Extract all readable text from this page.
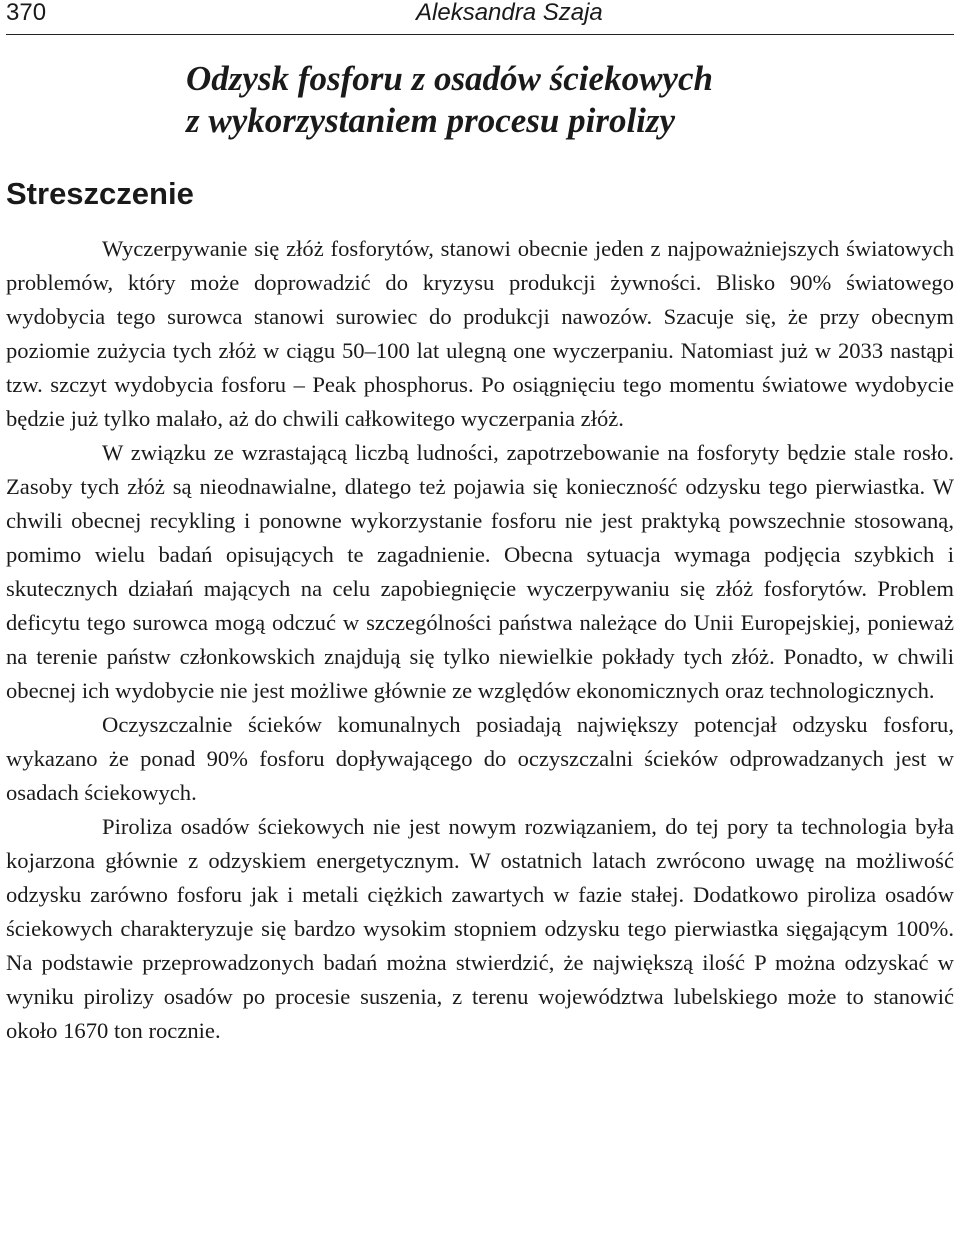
370	Aleksandra Szaja
Odzysk fosforu z osadów ściekowych
z wykorzystaniem procesu pirolizy
Streszczenie

Wyczerpywanie się złóż fosforytów, stanowi obecnie jeden z najpoważniejszych światowych problemów, który może doprowadzić do kryzysu produkcji żywności. Blisko 90% światowego wydobycia tego surowca stanowi surowiec do produkcji nawozów. Szacuje się, że przy obecnym poziomie zużycia tych złóż w ciągu 50–100 lat ulegną one wyczerpaniu. Natomiast już w 2033 nastąpi tzw. szczyt wydobycia fosforu – Peak phosphorus. Po osiągnięciu tego momentu światowe wydobycie będzie już tylko malało, aż do chwili całkowitego wyczerpania złóż.

W związku ze wzrastającą liczbą ludności, zapotrzebowanie na fosforyty będzie stale rosło. Zasoby tych złóż są nieodnawialne, dlatego też pojawia się konieczność odzysku tego pierwiastka. W chwili obecnej recykling i ponowne wykorzystanie fosforu nie jest praktyką powszechnie stosowaną, pomimo wielu badań opisujących te zagadnienie. Obecna sytuacja wymaga podjęcia szybkich i skutecznych działań mających na celu zapobiegnięcie wyczerpywaniu się złóż fosforytów. Problem deficytu tego surowca mogą odczuć w szczególności państwa należące do Unii Europejskiej, ponieważ na terenie państw członkowskich znajdują się tylko niewielkie pokłady tych złóż. Ponadto, w chwili obecnej ich wydobycie nie jest możliwe głównie ze względów ekonomicznych oraz technologicznych.

Oczyszczalnie ścieków komunalnych posiadają największy potencjał odzysku fosforu, wykazano że ponad 90% fosforu dopływającego do oczyszczalni ścieków odprowadzanych jest w osadach ściekowych.

Piroliza osadów ściekowych nie jest nowym rozwiązaniem, do tej pory ta technologia była kojarzona głównie z odzyskiem energetycznym. W ostatnich latach zwrócono uwagę na możliwość odzysku zarówno fosforu jak i metali ciężkich zawartych w fazie stałej. Dodatkowo piroliza osadów ściekowych charakteryzuje się bardzo wysokim stopniem odzysku tego pierwiastka sięgającym 100%. Na podstawie przeprowadzonych badań można stwierdzić, że największą ilość P można odzyskać w wyniku pirolizy osadów po procesie suszenia, z terenu województwa lubelskiego może to stanowić około 1670 ton rocznie.
